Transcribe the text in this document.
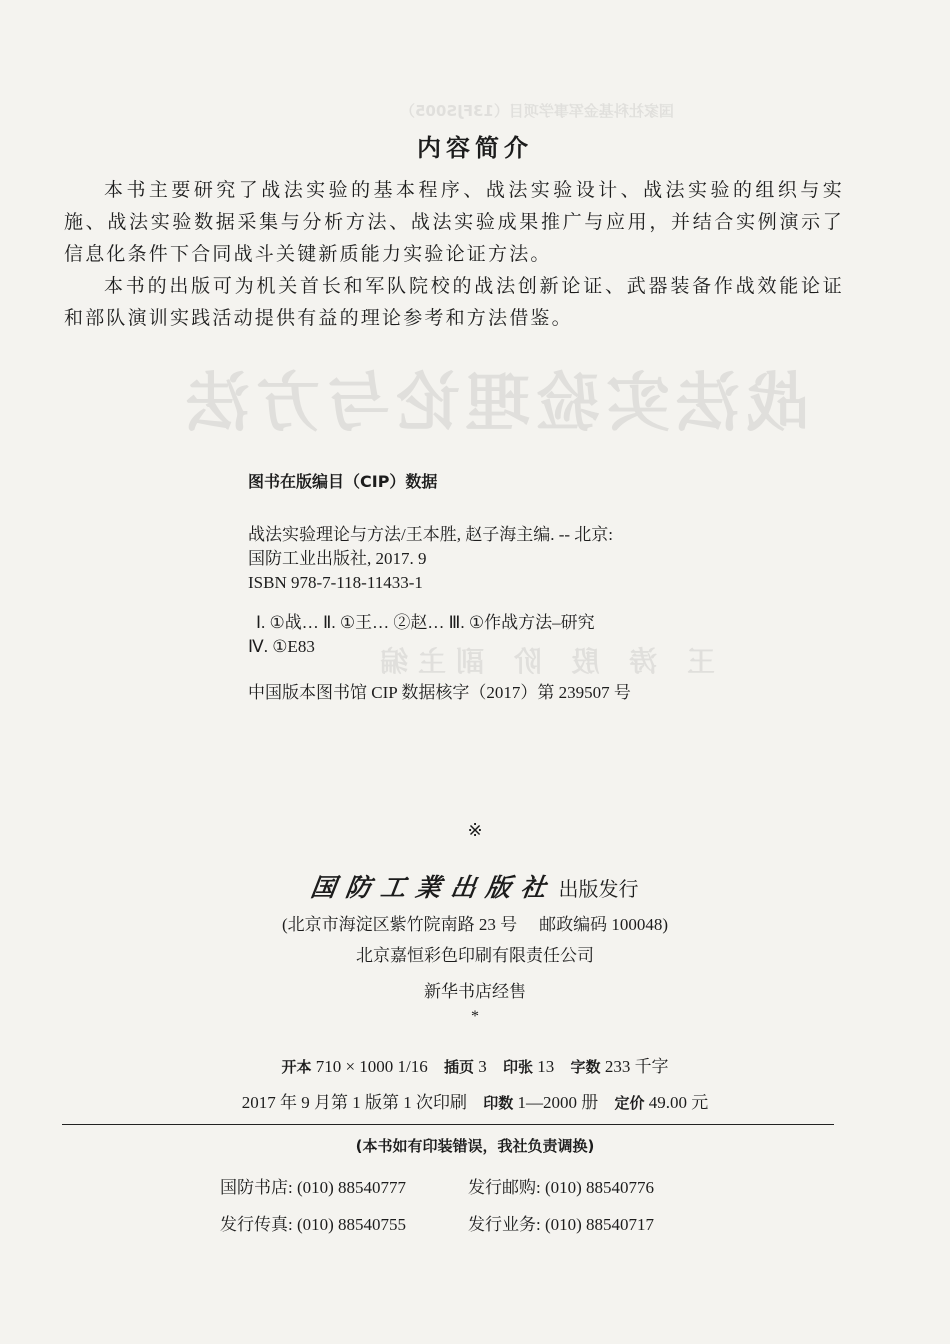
战法实验理论与方法
国家社科基金军事学项目（13FJS005）
王 涛 殷 阶 副主编
内容简介

本书主要研究了战法实验的基本程序、战法实验设计、战法实验的组织与实施、战法实验数据采集与分析方法、战法实验成果推广与应用，并结合实例演示了信息化条件下合同战斗关键新质能力实验论证方法。

本书的出版可为机关首长和军队院校的战法创新论证、武器装备作战效能论证和部队演训实践活动提供有益的理论参考和方法借鉴。

图书在版编目（CIP）数据
战法实验理论与方法/王本胜, 赵子海主编. -- 北京:
国防工业出版社, 2017. 9
ISBN 978-7-118-11433-1
Ⅰ. ①战… Ⅱ. ①王… ②赵… Ⅲ. ①作战方法–研究
Ⅳ. ①E83
中国版本图书馆 CIP 数据核字（2017）第 239507 号
※
国防工業出版社出版发行
(北京市海淀区紫竹院南路 23 号 邮政编码 100048)
北京嘉恒彩色印刷有限责任公司
新华书店经售
*
开本 710 × 1000 1/16 插页 3 印张 13 字数 233 千字
2017 年 9 月第 1 版第 1 次印刷 印数 1—2000 册 定价 49.00 元
(本书如有印装错误，我社负责调换)
国防书店: (010) 88540777	发行邮购: (010) 88540776
发行传真: (010) 88540755	发行业务: (010) 88540717
